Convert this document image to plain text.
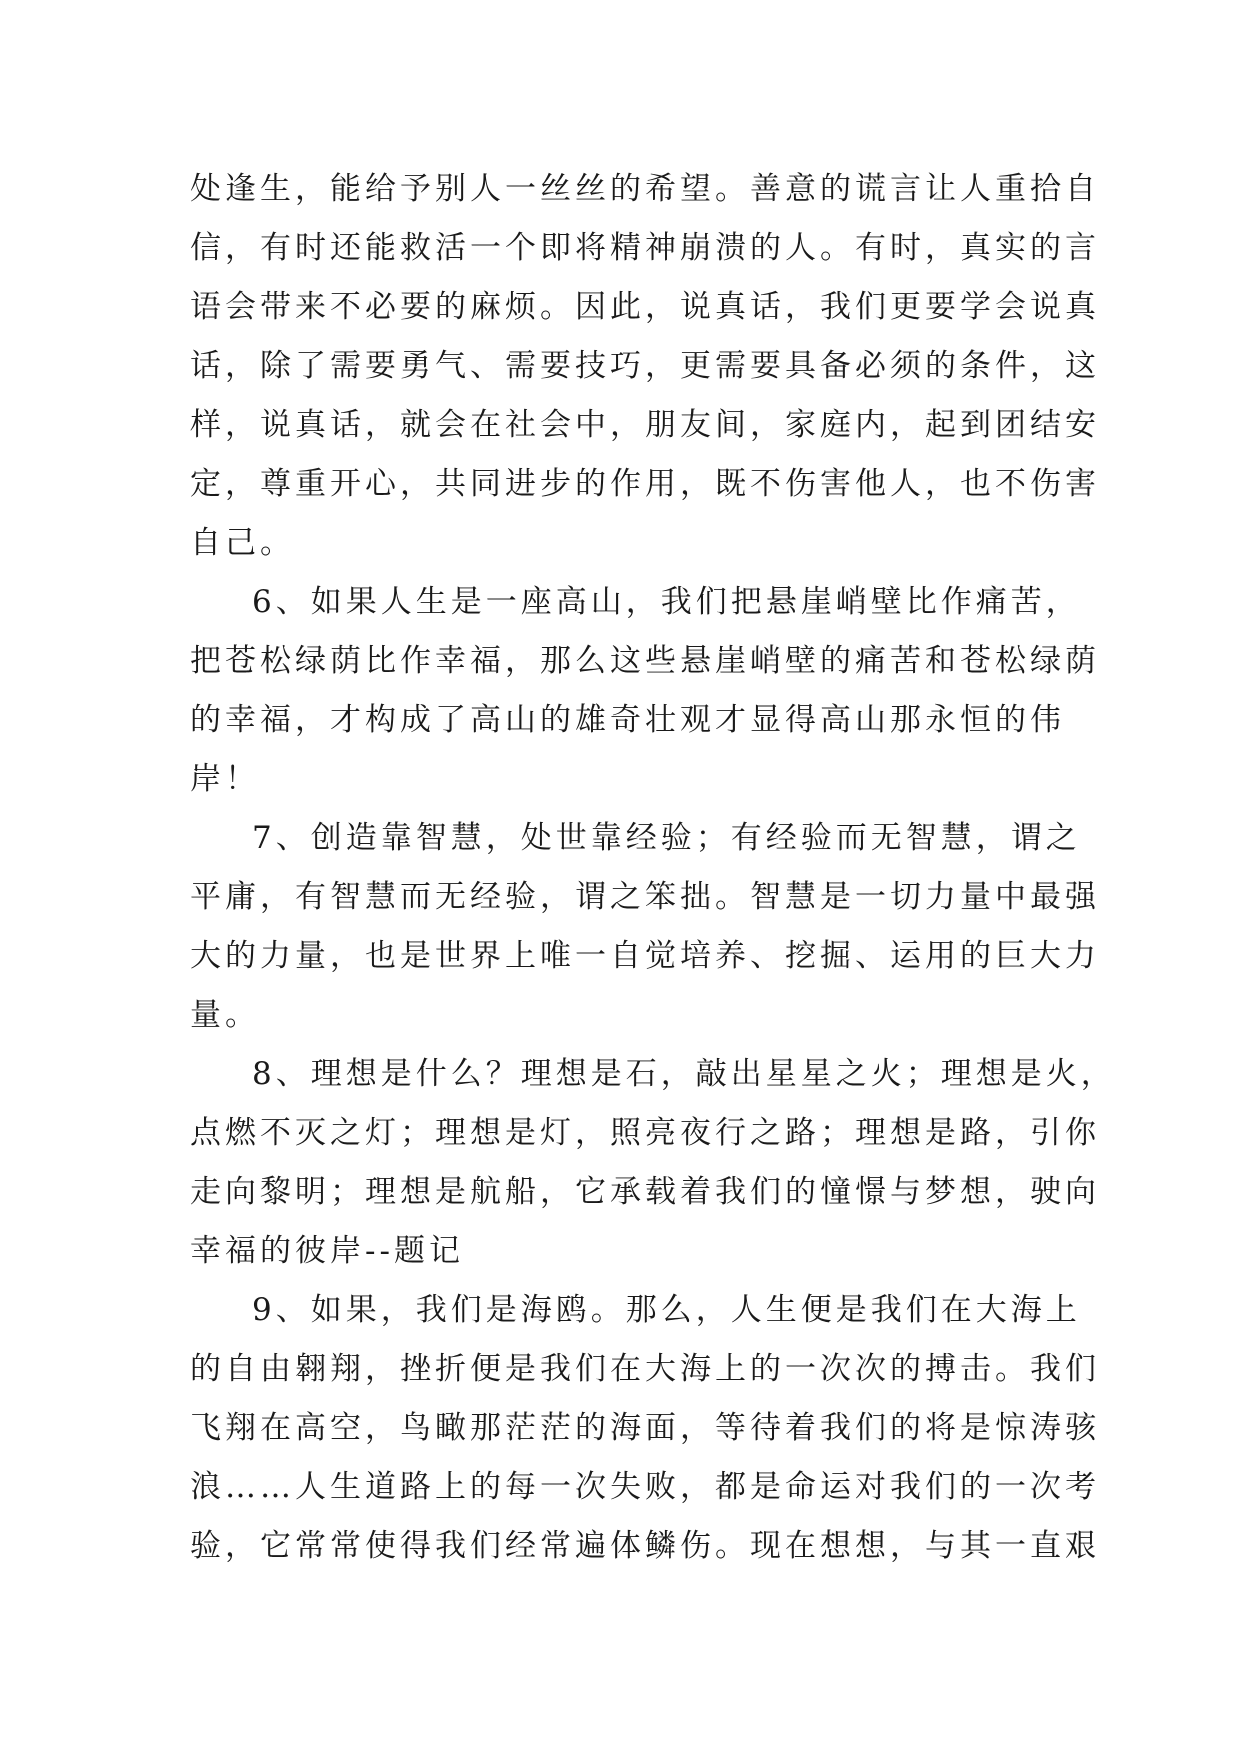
处逢生，能给予别人一丝丝的希望。善意的谎言让人重拾自
信，有时还能救活一个即将精神崩溃的人。有时，真实的言
语会带来不必要的麻烦。因此，说真话，我们更要学会说真
话，除了需要勇气、需要技巧，更需要具备必须的条件，这
样，说真话，就会在社会中，朋友间，家庭内，起到团结安
定，尊重开心，共同进步的作用，既不伤害他人，也不伤害
自己。
6、如果人生是一座高山，我们把悬崖峭壁比作痛苦，
把苍松绿荫比作幸福，那么这些悬崖峭壁的痛苦和苍松绿荫
的幸福，才构成了高山的雄奇壮观才显得高山那永恒的伟
岸！
7、创造靠智慧，处世靠经验；有经验而无智慧，谓之
平庸，有智慧而无经验，谓之笨拙。智慧是一切力量中最强
大的力量，也是世界上唯一自觉培养、挖掘、运用的巨大力
量。
8、理想是什么？理想是石，敲出星星之火；理想是火，
点燃不灭之灯；理想是灯，照亮夜行之路；理想是路，引你
走向黎明；理想是航船，它承载着我们的憧憬与梦想，驶向
幸福的彼岸--题记
9、如果，我们是海鸥。那么，人生便是我们在大海上
的自由翱翔，挫折便是我们在大海上的一次次的搏击。我们
飞翔在高空，鸟瞰那茫茫的海面，等待着我们的将是惊涛骇
浪……人生道路上的每一次失败，都是命运对我们的一次考
验，它常常使得我们经常遍体鳞伤。现在想想，与其一直艰
